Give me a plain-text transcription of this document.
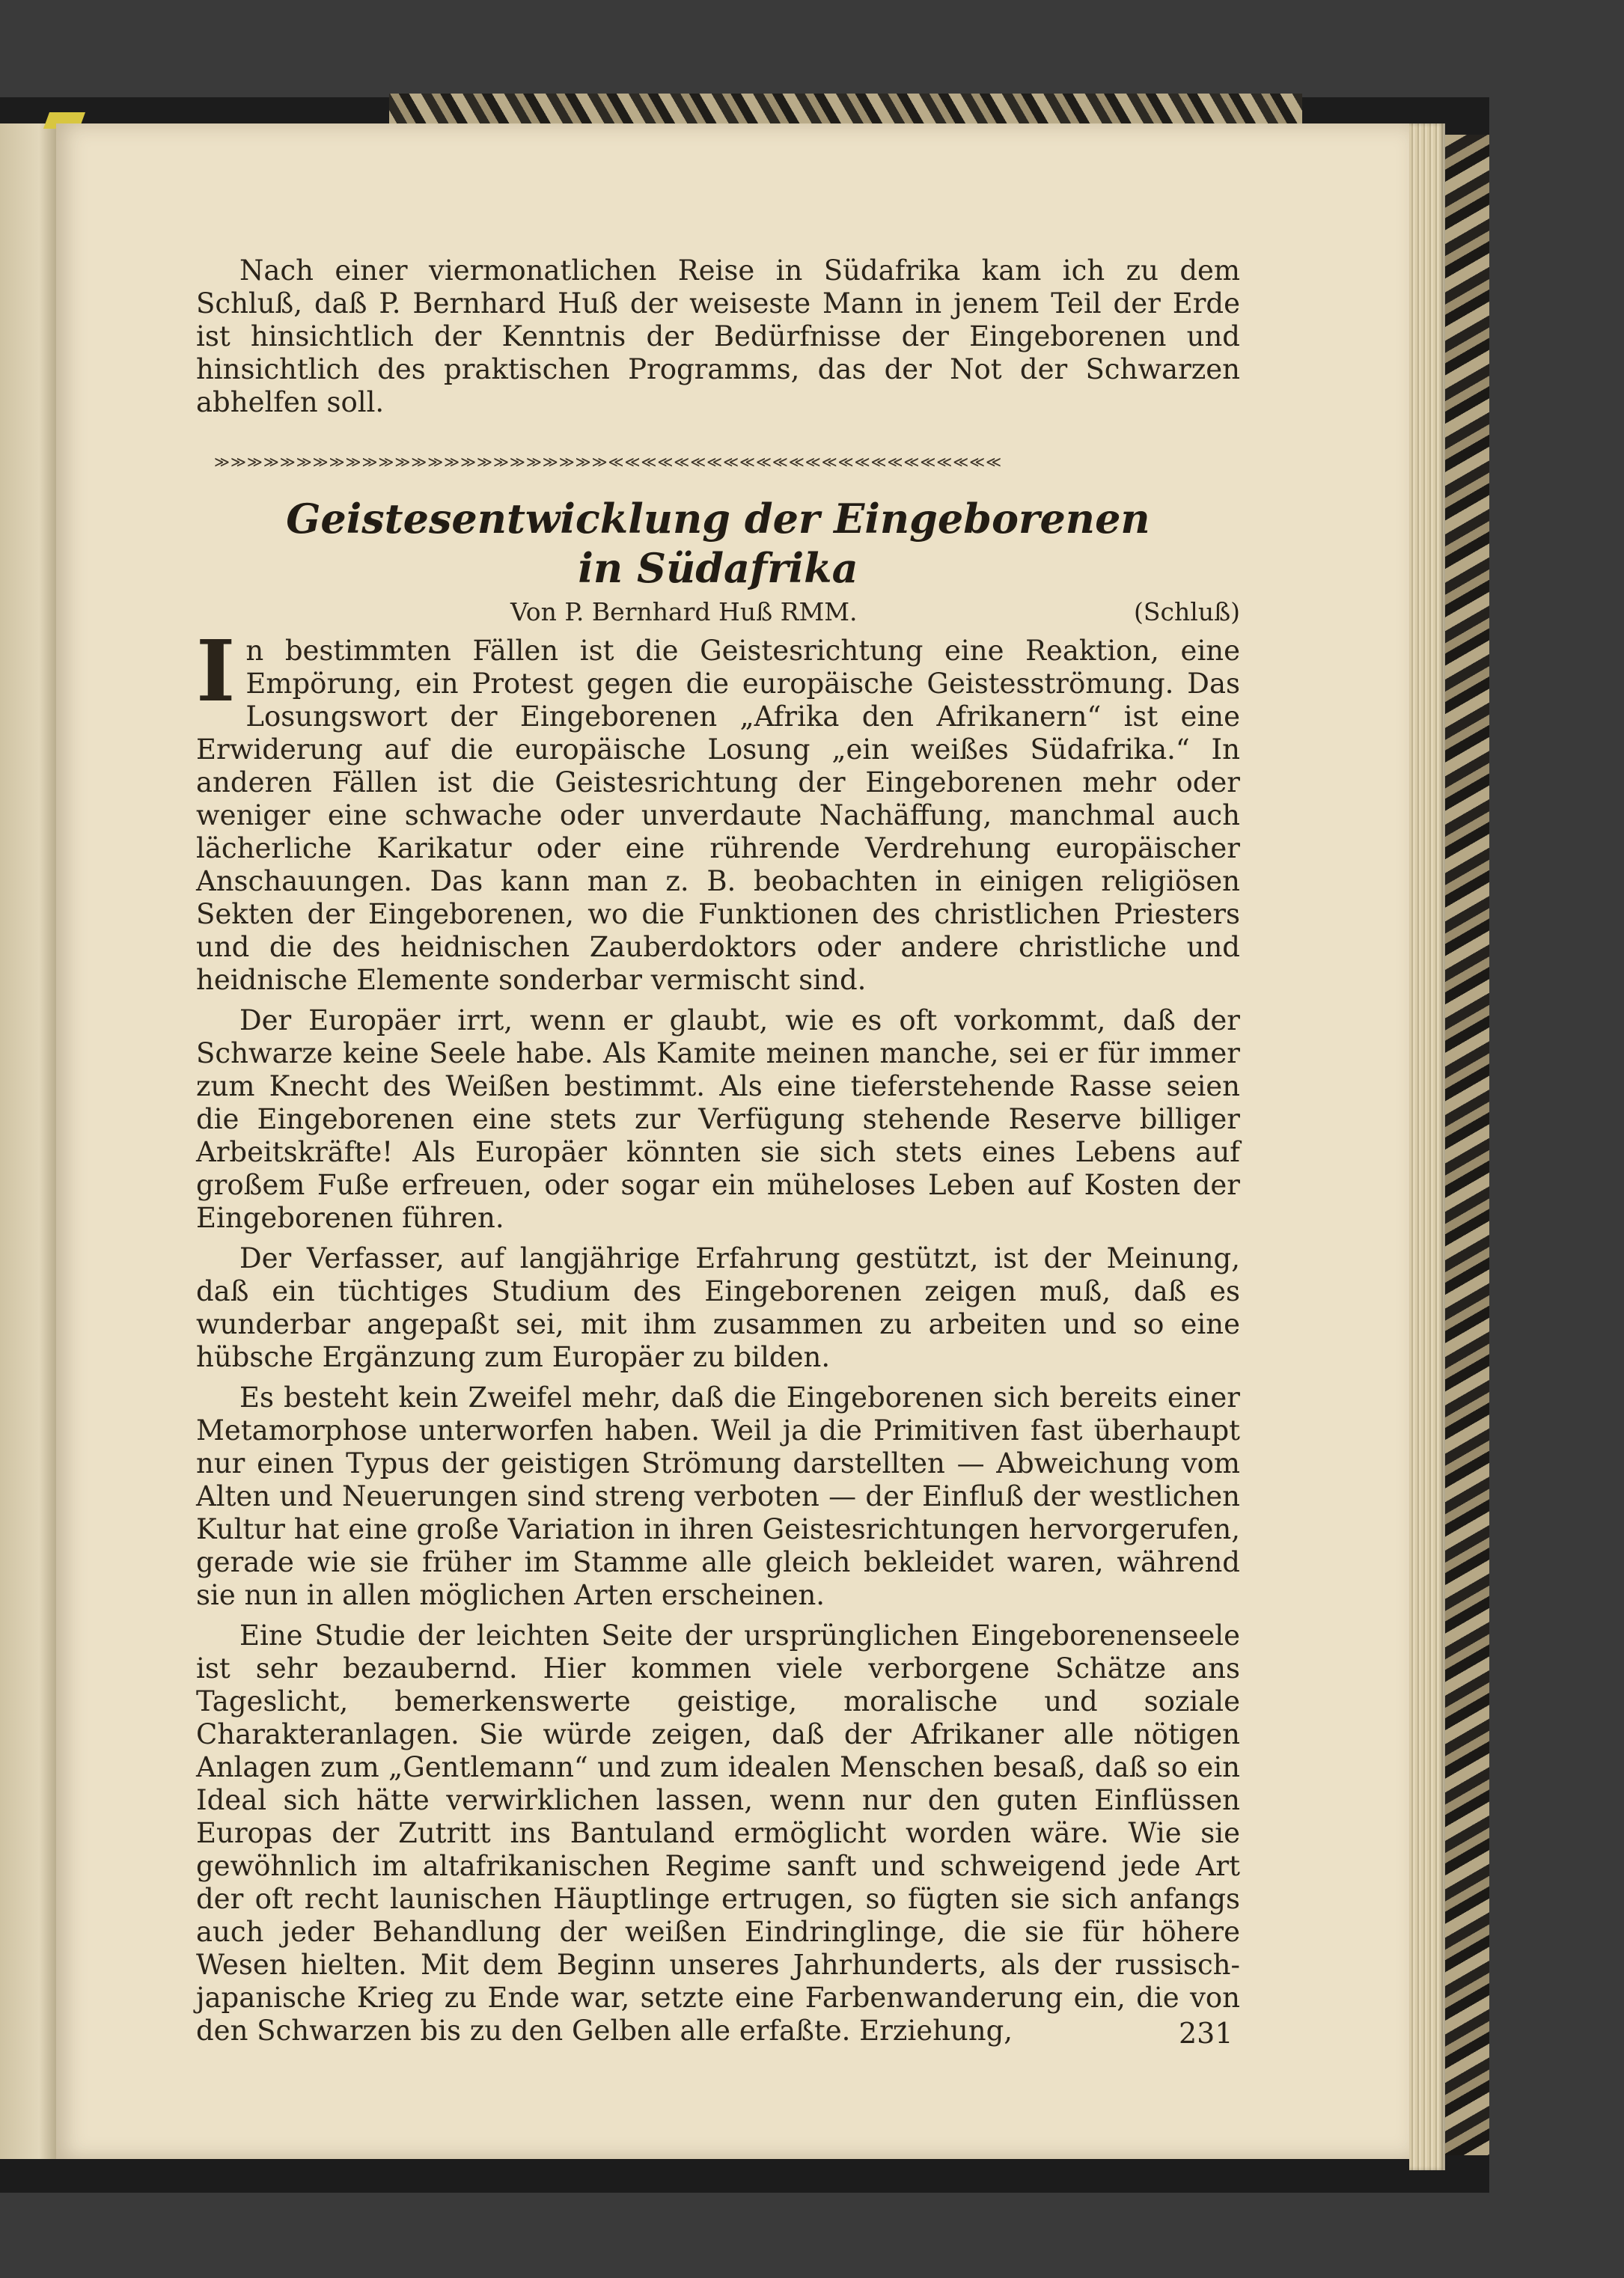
Nach einer viermonatlichen Reise in Südafrika kam ich zu dem Schluß, daß P. Bernhard Huß der weiseste Mann in jenem Teil der Erde ist hinsichtlich der Kenntnis der Bedürfnisse der Eingeborenen und hinsichtlich des praktischen Programms, das der Not der Schwarzen abhelfen soll.

≫≫≫≫≫≫≫≫≫≫≫≫≫≫≫≫≫≫≫≫≫≫≫≫≪≪≪≪≪≪≪≪≪≪≪≪≪≪≪≪≪≪≪≪≪≪≪≪
Geistesentwicklung der Eingeborenen
in Südafrika
Von P. Bernhard Huß RMM.	(Schluß)

I n bestimmten Fällen ist die Geistesrichtung eine Reaktion, eine Empörung, ein Protest gegen die europäische Geistesströmung. Das Losungswort der Eingeborenen „Afrika den Afrikanern“ ist eine Erwiderung auf die europäische Losung „ein weißes Südafrika.“ In anderen Fällen ist die Geistesrichtung der Eingeborenen mehr oder weniger eine schwache oder unverdaute Nachäffung, manchmal auch lächerliche Karikatur oder eine rührende Verdrehung europäischer Anschauungen. Das kann man z. B. beobachten in einigen religiösen Sekten der Eingeborenen, wo die Funktionen des christlichen Priesters und die des heidnischen Zauberdoktors oder andere christliche und heidnische Elemente sonderbar vermischt sind.

Der Europäer irrt, wenn er glaubt, wie es oft vorkommt, daß der Schwarze keine Seele habe. Als Kamite meinen manche, sei er für immer zum Knecht des Weißen bestimmt. Als eine tieferstehende Rasse seien die Eingeborenen eine stets zur Verfügung stehende Reserve billiger Arbeitskräfte! Als Europäer könnten sie sich stets eines Lebens auf großem Fuße erfreuen, oder sogar ein müheloses Leben auf Kosten der Eingeborenen führen.

Der Verfasser, auf langjährige Erfahrung gestützt, ist der Meinung, daß ein tüchtiges Studium des Eingeborenen zeigen muß, daß es wunderbar angepaßt sei, mit ihm zusammen zu arbeiten und so eine hübsche Ergänzung zum Europäer zu bilden.

Es besteht kein Zweifel mehr, daß die Eingeborenen sich bereits einer Metamorphose unterworfen haben. Weil ja die Primitiven fast überhaupt nur einen Typus der geistigen Strömung darstellten — Abweichung vom Alten und Neuerungen sind streng verboten — der Einfluß der westlichen Kultur hat eine große Variation in ihren Geistesrichtungen hervorgerufen, gerade wie sie früher im Stamme alle gleich bekleidet waren, während sie nun in allen möglichen Arten erscheinen.

Eine Studie der leichten Seite der ursprünglichen Eingeborenenseele ist sehr bezaubernd. Hier kommen viele verborgene Schätze ans Tageslicht, bemerkenswerte geistige, moralische und soziale Charakteranlagen. Sie würde zeigen, daß der Afrikaner alle nötigen Anlagen zum „Gentlemann“ und zum idealen Menschen besaß, daß so ein Ideal sich hätte verwirklichen lassen, wenn nur den guten Einflüssen Europas der Zutritt ins Bantuland ermöglicht worden wäre. Wie sie gewöhnlich im altafrikanischen Regime sanft und schweigend jede Art der oft recht launischen Häuptlinge ertrugen, so fügten sie sich anfangs auch jeder Behandlung der weißen Eindringlinge, die sie für höhere Wesen hielten. Mit dem Beginn unseres Jahrhunderts, als der russisch-japanische Krieg zu Ende war, setzte eine Farbenwanderung ein, die von den Schwarzen bis zu den Gelben alle erfaßte. Erziehung,	231
